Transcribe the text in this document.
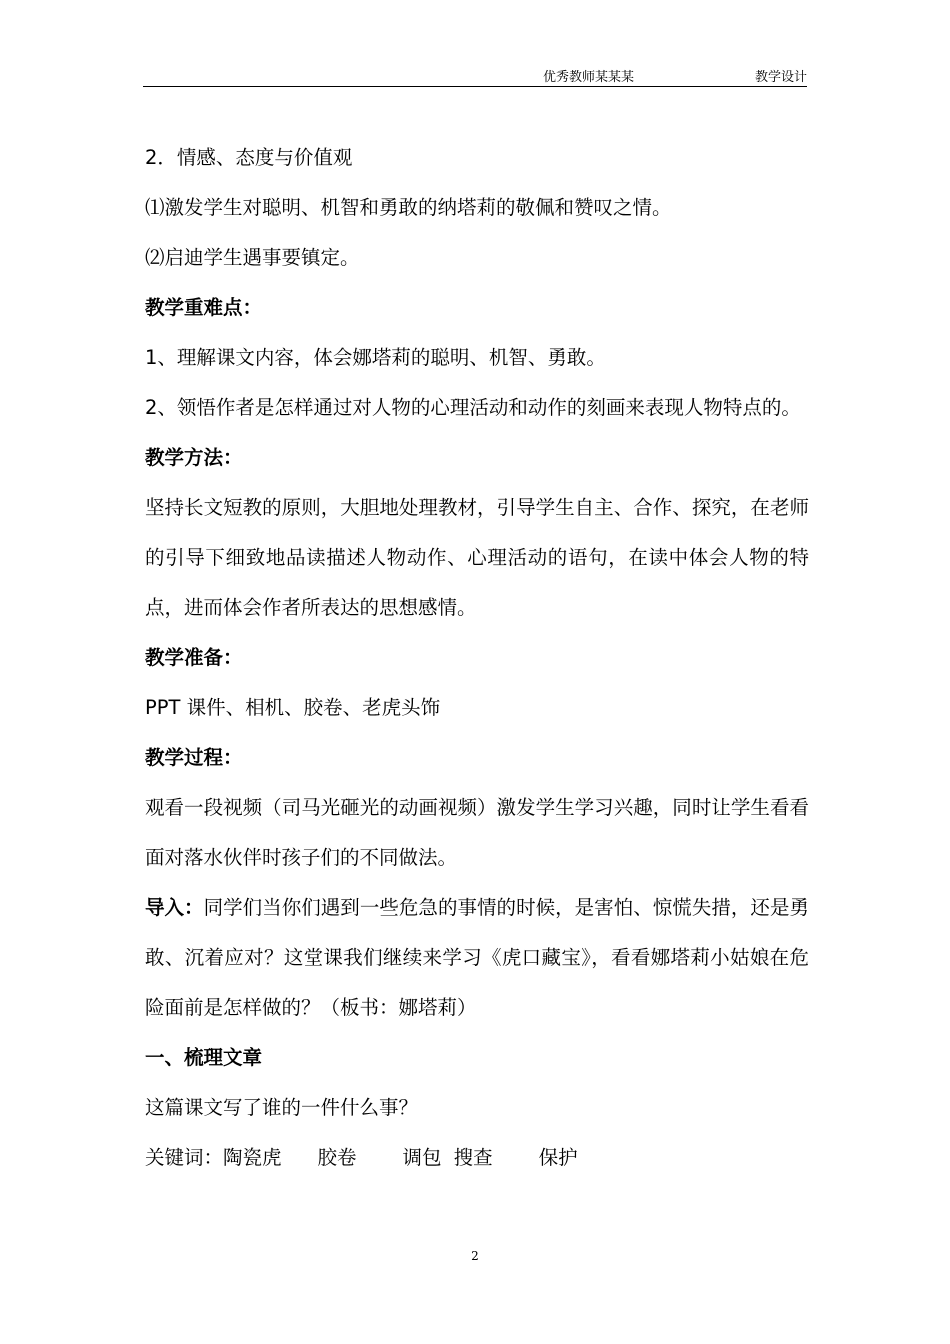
优秀教师某某某	教学设计
2．情感、态度与价值观
⑴激发学生对聪明、机智和勇敢的纳塔莉的敬佩和赞叹之情。
⑵启迪学生遇事要镇定。
教学重难点：
1、理解课文内容，体会娜塔莉的聪明、机智、勇敢。
2、领悟作者是怎样通过对人物的心理活动和动作的刻画来表现人物特点的。
教学方法：
坚持长文短教的原则，大胆地处理教材，引导学生自主、合作、探究，在老师的引导下细致地品读描述人物动作、心理活动的语句，在读中体会人物的特点，进而体会作者所表达的思想感情。
教学准备：
PPT 课件、相机、胶卷、老虎头饰
教学过程：
观看一段视频（司马光砸光的动画视频）激发学生学习兴趣，同时让学生看看面对落水伙伴时孩子们的不同做法。
导入：同学们当你们遇到一些危急的事情的时候，是害怕、惊慌失措，还是勇敢、沉着应对？这堂课我们继续来学习《虎口藏宝》，看看娜塔莉小姑娘在危险面前是怎样做的？（板书：娜塔莉）
一、梳理文章
这篇课文写了谁的一件什么事？
关键词：陶瓷虎 胶卷 调包 搜查 保护
2
